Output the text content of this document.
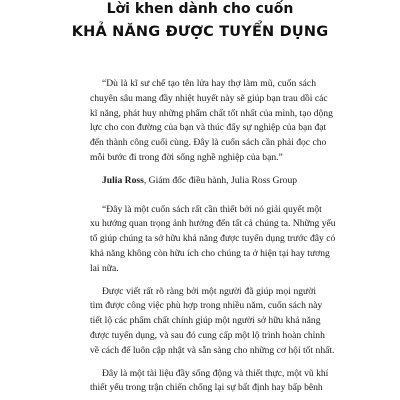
Lời khen dành cho cuốn
KHẢ NĂNG ĐƯỢC TUYỂN DỤNG
“Dù là kĩ sư chế tạo tên lửa hay thợ làm mũ, cuốn sách
chuyên sâu mang đầy nhiệt huyết này sẽ giúp bạn trau dồi các
kĩ năng, phát huy những phẩm chất tốt nhất của mình, tạo dộng
lực cho con đường của bạn và thúc đẩy sự nghiệp của bạn đạt
đến thành công cuối cùng. Đây là cuốn sách cần phải đọc cho
mỗi bước đi trong đời sống nghề nghiệp của bạn.”

Julia Ross, Giám đốc điều hành, Julia Ross Group

“Đây là một cuốn sách rất cần thiết bởi nó giải quyết một
xu hướng quan trọng ảnh hưởng đến tất cả chúng ta. Những yếu
tố giúp chúng ta sở hữu khả năng được tuyển dụng trước đây có
khả năng không còn hữu ích cho chúng ta ở hiện tại hay tương
lai nữa.
Được viết rất rõ ràng bởi một người đã giúp mọi người
tìm được công việc phù hợp trong nhiều năm, cuốn sách này
tiết lộ các phẩm chất chính giúp một người sở hữu khả năng
được tuyển dụng, và sau đó cung cấp một lộ trình hoàn chỉnh
về cách để luôn cập nhật và sẵn sàng cho những cơ hội tốt nhất.
Đây là một tài liệu đầy sống động và thiết thực, một vũ khí
thiết yếu trong trận chiến chống lại sự bất định hay bấp bênh
